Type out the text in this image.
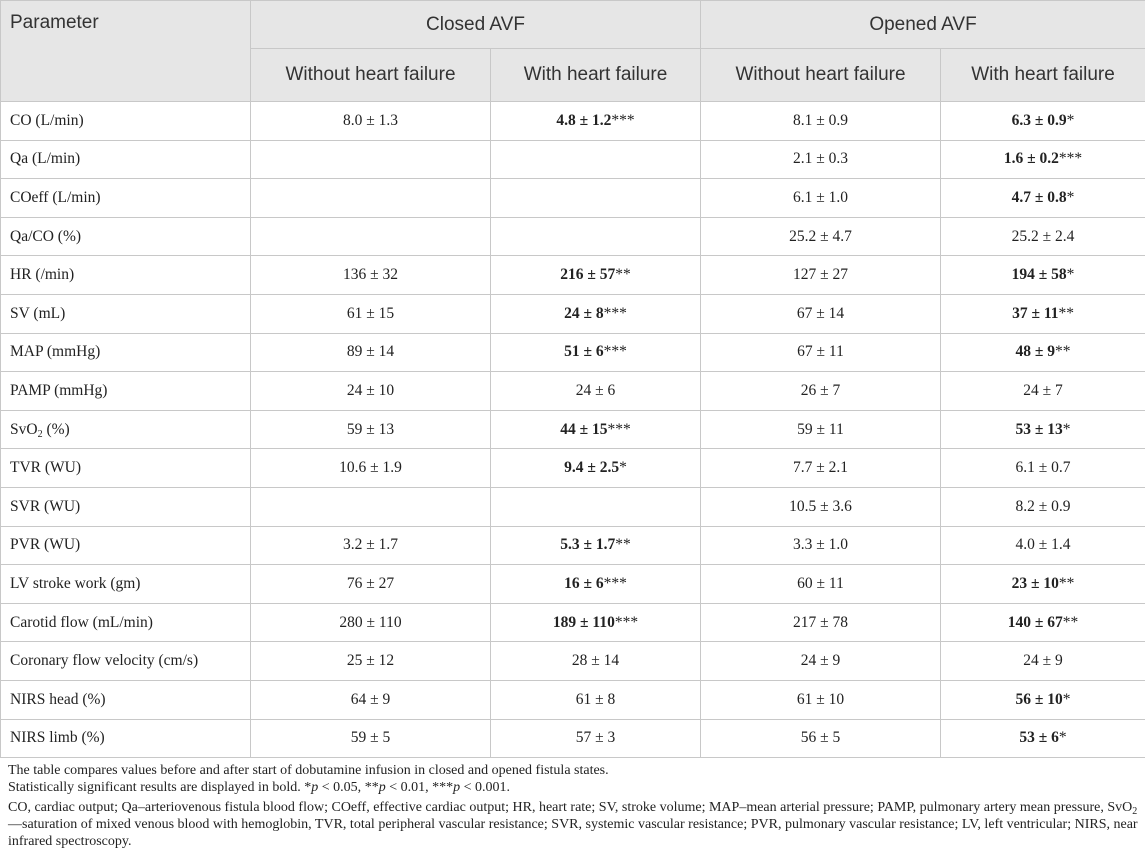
Parameter	Closed AVF		Opened AVF	
	Without heart failure	With heart failure	Without heart failure	With heart failure
CO (L/min)	8.0 ± 1.3	4.8 ± 1.2***	8.1 ± 0.9	6.3 ± 0.9*
Qa (L/min)			2.1 ± 0.3	1.6 ± 0.2***
COeff (L/min)			6.1 ± 1.0	4.7 ± 0.8*
Qa/CO (%)			25.2 ± 4.7	25.2 ± 2.4
HR (/min)	136 ± 32	216 ± 57**	127 ± 27	194 ± 58*
SV (mL)	61 ± 15	24 ± 8***	67 ± 14	37 ± 11**
MAP (mmHg)	89 ± 14	51 ± 6***	67 ± 11	48 ± 9**
PAMP (mmHg)	24 ± 10	24 ± 6	26 ± 7	24 ± 7
SvO$_2$ (%)	59 ± 13	44 ± 15***	59 ± 11	53 ± 13*
TVR (WU)	10.6 ± 1.9	9.4 ± 2.5*	7.7 ± 2.1	6.1 ± 0.7
SVR (WU)			10.5 ± 3.6	8.2 ± 0.9
PVR (WU)	3.2 ± 1.7	5.3 ± 1.7**	3.3 ± 1.0	4.0 ± 1.4
LV stroke work (gm)	76 ± 27	16 ± 6***	60 ± 11	23 ± 10**
Carotid flow (mL/min)	280 ± 110	189 ± 110***	217 ± 78	140 ± 67**
Coronary flow velocity (cm/s)	25 ± 12	28 ± 14	24 ± 9	24 ± 9
NIRS head (%)	64 ± 9	61 ± 8	61 ± 10	56 ± 10*
NIRS limb (%)	59 ± 5	57 ± 3	56 ± 5	53 ± 6*

The table compares values before and after start of dobutamine infusion in closed and opened fistula states.

Statistically significant results are displayed in bold. *p < 0.05, **p < 0.01, ***p < 0.001.

CO, cardiac output; Qa–arteriovenous fistula blood flow; COeff, effective cardiac output; HR, heart rate; SV, stroke volume; MAP–mean arterial pressure; PAMP, pulmonary artery mean pressure, SvO$_2$—saturation of mixed venous blood with hemoglobin, TVR, total peripheral vascular resistance; SVR, systemic vascular resistance; PVR, pulmonary vascular resistance; LV, left ventricular; NIRS, near infrared spectroscopy.
